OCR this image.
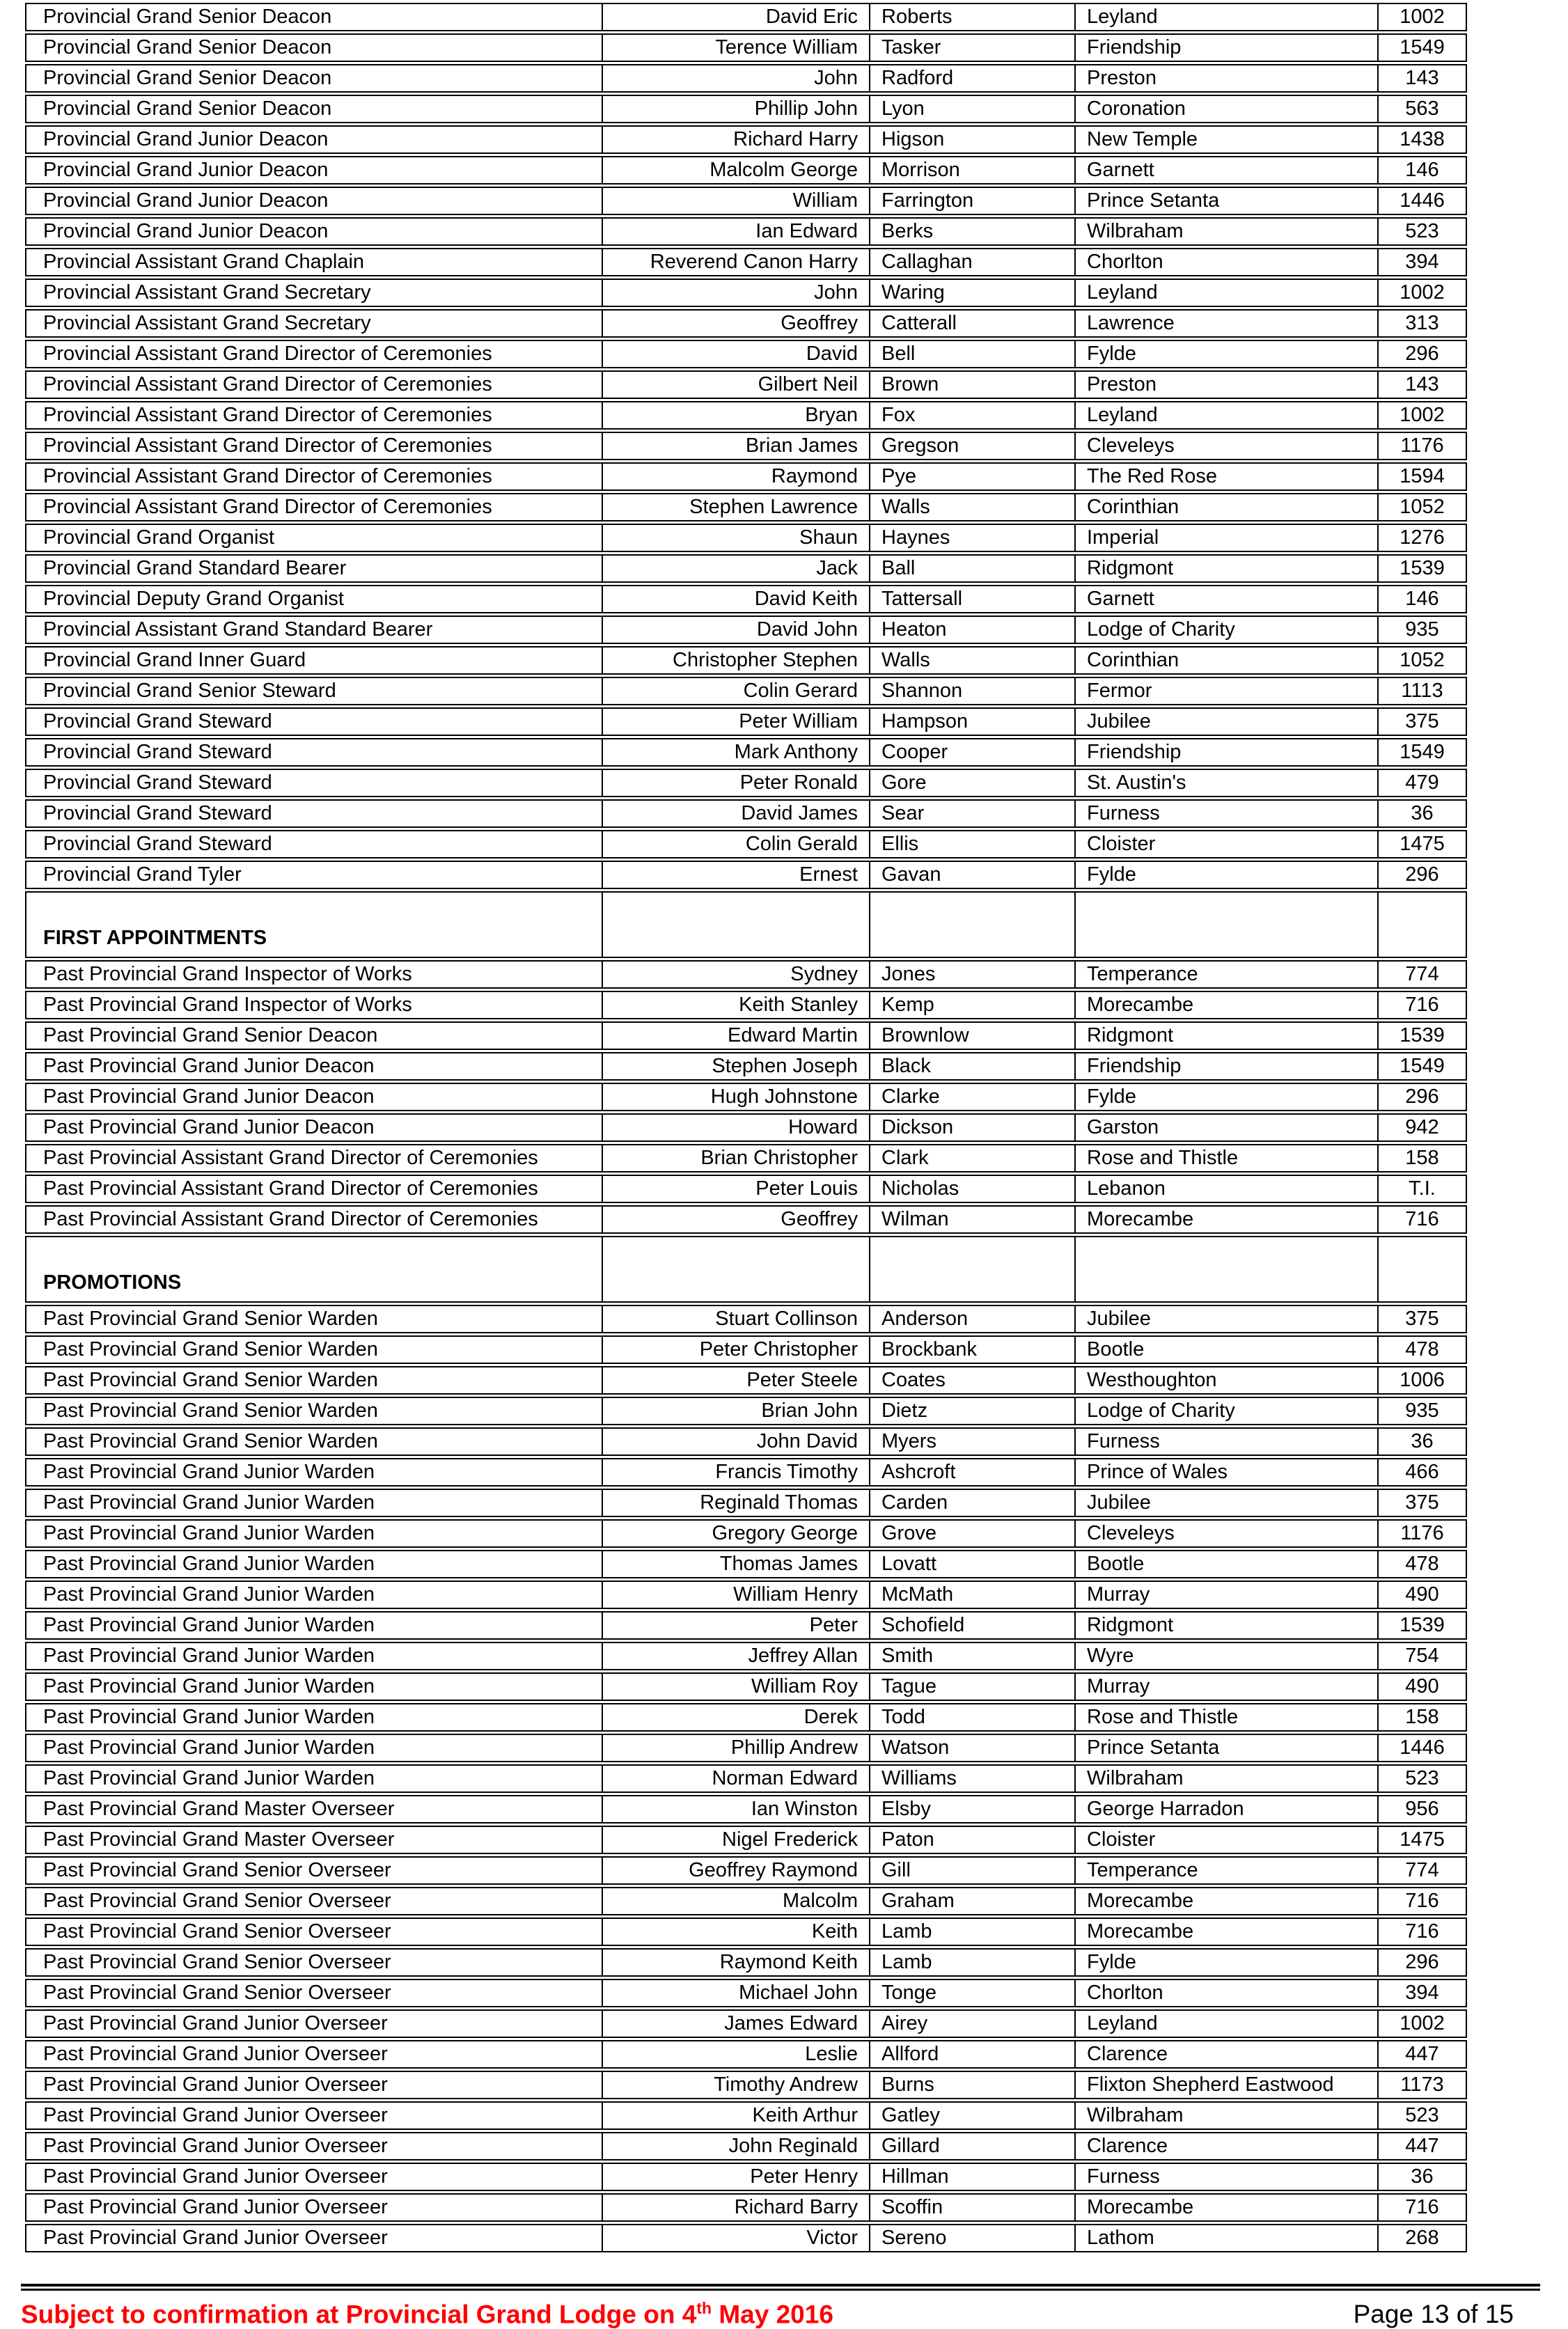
Provincial Grand Senior Deacon	David Eric	Roberts	Leyland	1002
Provincial Grand Senior Deacon	Terence William	Tasker	Friendship	1549
Provincial Grand Senior Deacon	John	Radford	Preston	143
Provincial Grand Senior Deacon	Phillip John	Lyon	Coronation	563
Provincial Grand Junior Deacon	Richard Harry	Higson	New Temple	1438
Provincial Grand Junior Deacon	Malcolm George	Morrison	Garnett	146
Provincial Grand Junior Deacon	William	Farrington	Prince Setanta	1446
Provincial Grand Junior Deacon	Ian Edward	Berks	Wilbraham	523
Provincial Assistant Grand Chaplain	Reverend Canon Harry	Callaghan	Chorlton	394
Provincial Assistant Grand Secretary	John	Waring	Leyland	1002
Provincial Assistant Grand Secretary	Geoffrey	Catterall	Lawrence	313
Provincial Assistant Grand Director of Ceremonies	David	Bell	Fylde	296
Provincial Assistant Grand Director of Ceremonies	Gilbert Neil	Brown	Preston	143
Provincial Assistant Grand Director of Ceremonies	Bryan	Fox	Leyland	1002
Provincial Assistant Grand Director of Ceremonies	Brian James	Gregson	Cleveleys	1176
Provincial Assistant Grand Director of Ceremonies	Raymond	Pye	The Red Rose	1594
Provincial Assistant Grand Director of Ceremonies	Stephen Lawrence	Walls	Corinthian	1052
Provincial Grand Organist	Shaun	Haynes	Imperial	1276
Provincial Grand Standard Bearer	Jack	Ball	Ridgmont	1539
Provincial Deputy Grand Organist	David Keith	Tattersall	Garnett	146
Provincial Assistant Grand Standard Bearer	David John	Heaton	Lodge of Charity	935
Provincial Grand Inner Guard	Christopher Stephen	Walls	Corinthian	1052
Provincial Grand Senior Steward	Colin Gerard	Shannon	Fermor	1113
Provincial Grand Steward	Peter William	Hampson	Jubilee	375
Provincial Grand Steward	Mark Anthony	Cooper	Friendship	1549
Provincial Grand Steward	Peter Ronald	Gore	St. Austin's	479
Provincial Grand Steward	David James	Sear	Furness	36
Provincial Grand Steward	Colin Gerald	Ellis	Cloister	1475
Provincial Grand Tyler	Ernest	Gavan	Fylde	296
FIRST APPOINTMENTS				
Past Provincial Grand Inspector of Works	Sydney	Jones	Temperance	774
Past Provincial Grand Inspector of Works	Keith Stanley	Kemp	Morecambe	716
Past Provincial Grand Senior Deacon	Edward Martin	Brownlow	Ridgmont	1539
Past Provincial Grand Junior Deacon	Stephen Joseph	Black	Friendship	1549
Past Provincial Grand Junior Deacon	Hugh Johnstone	Clarke	Fylde	296
Past Provincial Grand Junior Deacon	Howard	Dickson	Garston	942
Past Provincial Assistant Grand Director of Ceremonies	Brian Christopher	Clark	Rose and Thistle	158
Past Provincial Assistant Grand Director of Ceremonies	Peter Louis	Nicholas	Lebanon	T.I.
Past Provincial Assistant Grand Director of Ceremonies	Geoffrey	Wilman	Morecambe	716
PROMOTIONS				
Past Provincial Grand Senior Warden	Stuart Collinson	Anderson	Jubilee	375
Past Provincial Grand Senior Warden	Peter Christopher	Brockbank	Bootle	478
Past Provincial Grand Senior Warden	Peter Steele	Coates	Westhoughton	1006
Past Provincial Grand Senior Warden	Brian John	Dietz	Lodge of Charity	935
Past Provincial Grand Senior Warden	John David	Myers	Furness	36
Past Provincial Grand Junior Warden	Francis Timothy	Ashcroft	Prince of Wales	466
Past Provincial Grand Junior Warden	Reginald Thomas	Carden	Jubilee	375
Past Provincial Grand Junior Warden	Gregory George	Grove	Cleveleys	1176
Past Provincial Grand Junior Warden	Thomas James	Lovatt	Bootle	478
Past Provincial Grand Junior Warden	William Henry	McMath	Murray	490
Past Provincial Grand Junior Warden	Peter	Schofield	Ridgmont	1539
Past Provincial Grand Junior Warden	Jeffrey Allan	Smith	Wyre	754
Past Provincial Grand Junior Warden	William Roy	Tague	Murray	490
Past Provincial Grand Junior Warden	Derek	Todd	Rose and Thistle	158
Past Provincial Grand Junior Warden	Phillip Andrew	Watson	Prince Setanta	1446
Past Provincial Grand Junior Warden	Norman Edward	Williams	Wilbraham	523
Past Provincial Grand Master Overseer	Ian Winston	Elsby	George Harradon	956
Past Provincial Grand Master Overseer	Nigel Frederick	Paton	Cloister	1475
Past Provincial Grand Senior Overseer	Geoffrey Raymond	Gill	Temperance	774
Past Provincial Grand Senior Overseer	Malcolm	Graham	Morecambe	716
Past Provincial Grand Senior Overseer	Keith	Lamb	Morecambe	716
Past Provincial Grand Senior Overseer	Raymond Keith	Lamb	Fylde	296
Past Provincial Grand Senior Overseer	Michael John	Tonge	Chorlton	394
Past Provincial Grand Junior Overseer	James Edward	Airey	Leyland	1002
Past Provincial Grand Junior Overseer	Leslie	Allford	Clarence	447
Past Provincial Grand Junior Overseer	Timothy Andrew	Burns	Flixton Shepherd Eastwood	1173
Past Provincial Grand Junior Overseer	Keith Arthur	Gatley	Wilbraham	523
Past Provincial Grand Junior Overseer	John Reginald	Gillard	Clarence	447
Past Provincial Grand Junior Overseer	Peter Henry	Hillman	Furness	36
Past Provincial Grand Junior Overseer	Richard Barry	Scoffin	Morecambe	716
Past Provincial Grand Junior Overseer	Victor	Sereno	Lathom	268
Subject to confirmation at Provincial Grand Lodge on 4th May 2016	Page 13 of 15
